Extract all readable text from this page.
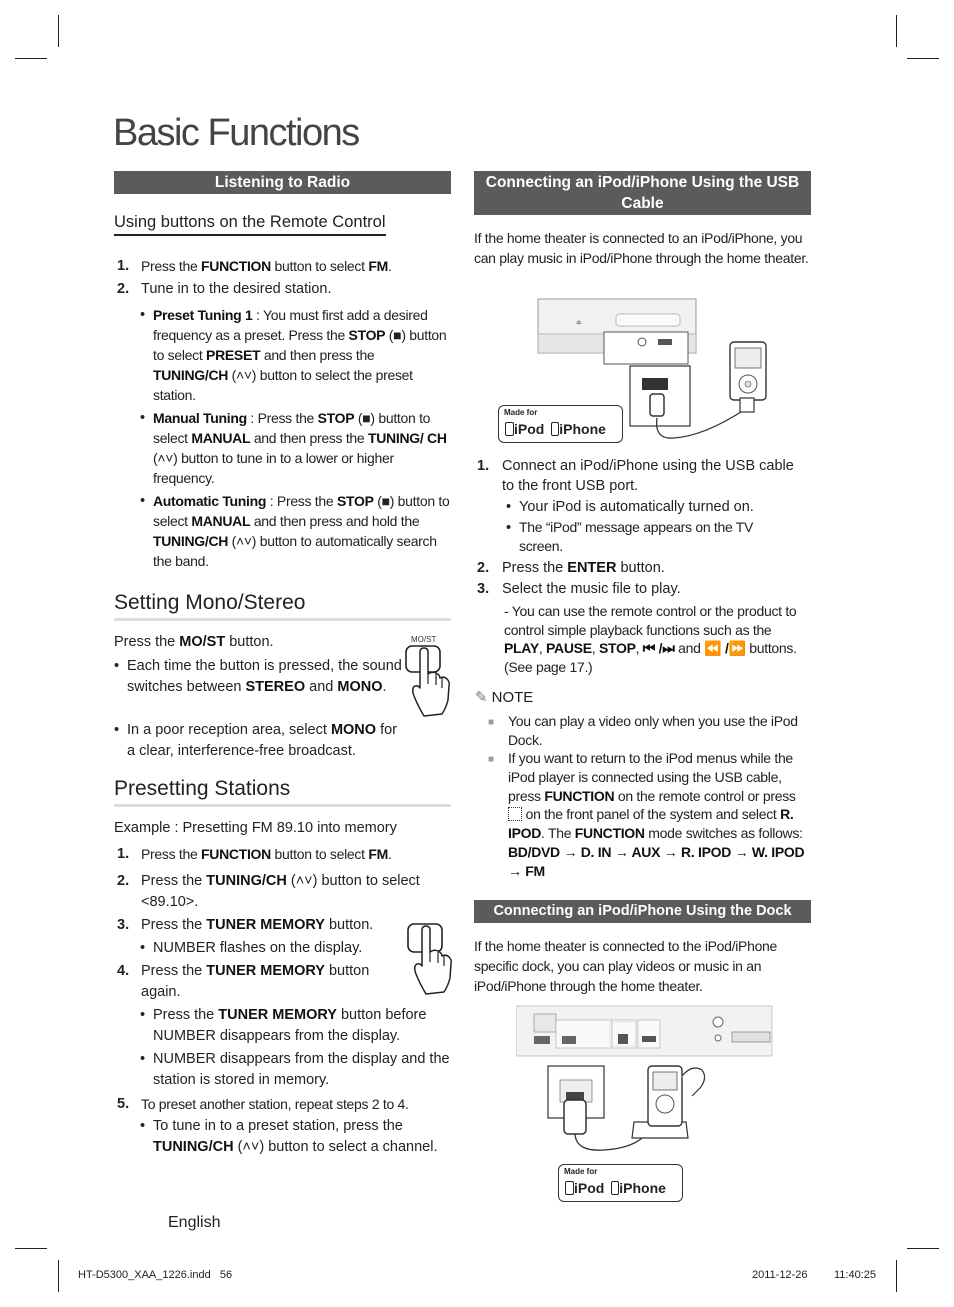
Basic Functions
Listening to Radio
Using buttons on the Remote Control
1. Press the FUNCTION button to select FM.
2. Tune in to the desired station.
• Preset Tuning 1 : You must first add a desired frequency as a preset. Press the STOP (■) button to select PRESET and then press the TUNING/CH (˄˅) button to select the preset station.
• Manual Tuning : Press the STOP (■) button to select MANUAL and then press the TUNING/ CH (˄˅) button to tune in to a lower or higher frequency.
• Automatic Tuning : Press the STOP (■) button to select MANUAL and then press and hold the TUNING/CH (˄˅) button to automatically search the band.
Setting Mono/Stereo
Press the MO/ST button.
• Each time the button is pressed, the sound switches between STEREO and MONO.
• In a poor reception area, select MONO for a clear, interference-free broadcast.
MO/ST
Presetting Stations
Example : Presetting FM 89.10 into memory
1. Press the FUNCTION button to select FM.
2. Press the TUNING/CH (˄˅) button to select <89.10>.
3. Press the TUNER MEMORY button.
• NUMBER flashes on the display.
4. Press the TUNER MEMORY button again.
• Press the TUNER MEMORY button before NUMBER disappears from the display.
• NUMBER disappears from the display and the station is stored in memory.
5. To preset another station, repeat steps 2 to 4.
• To tune in to a preset station, press the TUNING/CH (˄˅) button to select a channel.
Connecting an iPod/iPhone Using the USB Cable
If the home theater is connected to an iPod/iPhone, you can play music in iPod/iPhone through the home theater.
⏏
Made for
iPod iPhone
1. Connect an iPod/iPhone using the USB cable to the front USB port.
• Your iPod is automatically turned on.
• The “iPod” message appears on the TV screen.
2. Press the ENTER button.
3. Select the music file to play.
- You can use the remote control or the product to control simple playback functions such as the PLAY, PAUSE, STOP, ⏮ /⏭ and ⏪ /⏩ buttons. (See page 17.)
✎ NOTE
■ You can play a video only when you use the iPod Dock.
■ If you want to return to the iPod menus while the iPod player is connected using the USB cable, press FUNCTION on the remote control or press  on the front panel of the system and select R. IPOD. The FUNCTION mode switches as follows: BD/DVD → D. IN → AUX → R. IPOD → W. IPOD → FM
Connecting an iPod/iPhone Using the Dock
If the home theater is connected to the iPod/iPhone specific dock, you can play videos or music in an iPod/iPhone through the home theater.
Made for
iPod iPhone
English
HT-D5300_XAA_1226.indd   56	2011-12-26 11:40:25
